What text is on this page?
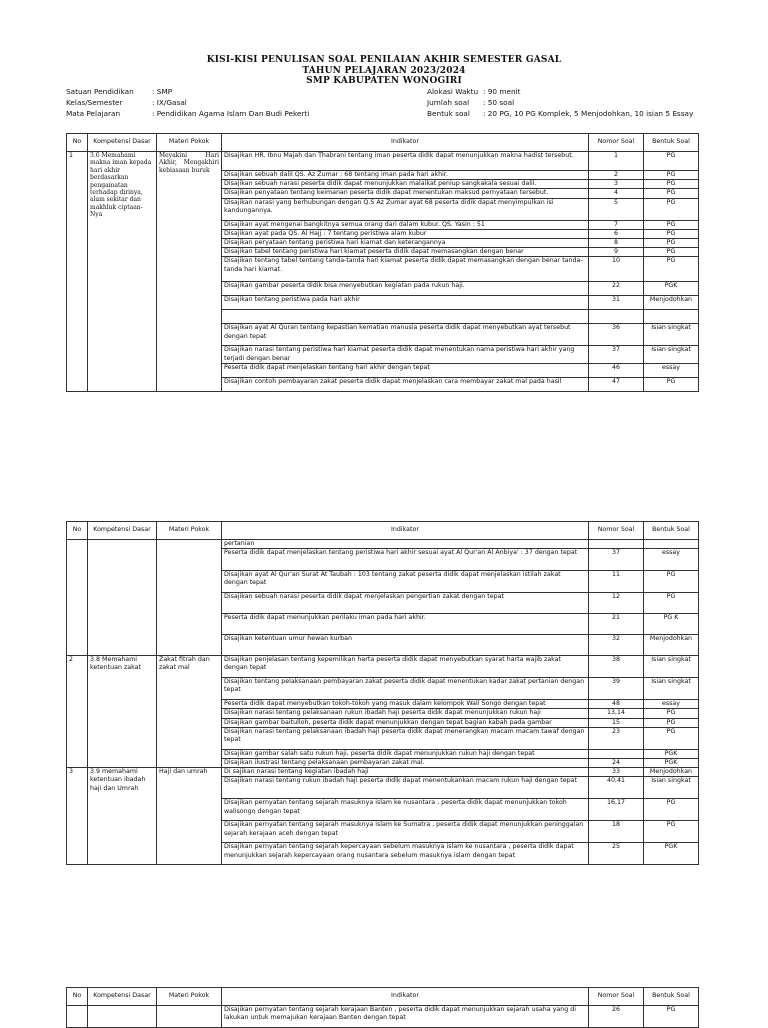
KISI-KISI PENULISAN SOAL PENILAIAN AKHIR SEMESTER GASAL
TAHUN PELAJARAN 2023/2024
SMP KABUPATEN WONOGIRI
Satuan Pendidikan : SMP
Kelas/Semester	: IX/Gasal
Mata Pelajaran	: Pendidikan Agama Islam Dan Budi Pekerti
Alokasi Waktu : 90 menit
Jumlah soal : 50 soal
Bentuk soal : 20 PG, 10 PG Komplek, 5 Menjodohkan, 10 isian 5 Essay
No	Kompetensi Dasar	Materi Pokok	Indikator	Nomor Soal	Bentuk Soal
1	3.6 Memahami makna iman kepada hari akhir berdasarkan pengamatan terhadap dirinya, alam sekitar dan makhluk ciptaan-Nya	Meyakini Hari Akhir, Mengakhiri kebiasaan buruk	Disajikan HR. Ibnu Majah dan Thabrani tentang iman peserta didik dapat menunjukkan makna hadist tersebut.	1	PG
			Disajikan sebuah dalil QS. Az Zumar : 68 tentang iman pada hari akhir.	2	PG
			Disajikan sebuah narasi peserta didik dapat menunjukkan malaikat peniup sangkakala sesuai dalil.	3	PG
			Disajikan penyataan tentang keimanan peserta didik dapat menentukan maksud pernyataan tersebut.	4	PG
			Disajikan narasi yang berhubungan dengan Q.S Az Zumar ayat 68 peserta didik dapat menyimpulkan isi kandungannya.	5	PG
			Disajikan ayat mengenai bangkitnya semua orang dari dalam kubur. QS. Yasin : 51	7	PG
			Disajikan ayat pada QS. Al Hajj : 7 tentang peristiwa alam kubur	6	PG
			Disajikan peryataan tentang peristiwa hari kiamat dan keterangannya	8	PG
			Disajikan tabel tentang peristiwa hari kiamat peserta didik dapat memasangkan dengan benar	9	PG
			Disajikan tentang tabel tentang tanda-tanda hari kiamat peserta didik dapat memasangkan dengan benar tanda-tanda hari kiamat.	10	PG
			Disajikan gambar peserta didik bisa menyebutkan kegiatan pada rukun haji.	22	PGK
			Disajikan tentang peristiwa pada hari akhir	31	Menjodohkan

			Disajikan ayat Al Quran tentang kepastian kematian manusia peserta didik dapat menyebutkan ayat tersebut dengan tepat	36	Isian singkat
			Disajikan narasi tentang peristiwa hari kiamat peserta didik dapat menentukan nama peristiwa hari akhir yang terjadi dengan benar	37	Isian singkat
			Peserta didik dapat menjelaskan tentang hari akhir dengan tepat	46	essay
			Disajikan contoh pembayaran zakat peserta didik dapat menjelaskan cara membayar zakat mal pada hasil	47	PG
No	Kompetensi Dasar	Materi Pokok	Indikator	Nomor Soal	Bentuk Soal
			pertanian		
			Peserta didik dapat menjelaskan tentang peristiwa hari akhir sesuai ayat Al Qur'an Al Anbiya' : 37 dengan tepat	37	essay
			Disajikan ayat Al Qur'an Surat At Taubah : 103 tentang zakat peserta didik dapat menjelaskan istilah zakat dengan tepat	11	PG
			Disajikan sebuah narasi peserta didik dapat menjelaskan pengertian zakat dengan tepat	12	PG
			Peserta didik dapat menunjukkan perilaku iman pada hari akhir.	21	PG K
			Disajikan ketentuan umur hewan kurban	32	Menjodohkan
2	3.8 Memahami ketentuan zakat	Zakat fitrah dan zakat mal	Disajikan penjelasan tentang kepemilikan harta peserta didik dapat menyebutkan syarat harta wajib zakat dengan tepat	38	Isian singkat
			Disajikan tentang pelaksanaan pembayaran zakat peserta didik dapat menentukan kadar zakat pertanian dengan tepat	39	Isian singkat
			Peserta didik dapat menyebutkan tokoh-tokoh yang masuk dalam kelompok Wali Songo dengan tepat	48	essay
			Disajikan narasi tentang pelaksanaan rukun ibadah haji peserta didik dapat menunjukkan rukun haji	13,14	PG
			Disajikan gambar baitulloh, peserta didik dapat menunjukkan dengan tepat bagian kabah pada gambar	15	PG
			Disajikan narasi tentang pelaksanaan ibadah haji peserta didik dapat menerangkan macam macam tawaf dengan tepat	23	PG
			Disajikan gambar salah satu rukun haji, peserta didik dapat menunjukkan rukun haji dengan tepat		PGK
			Disajikan ilustrasi tentang pelaksanaan pembayaran zakat mal.	24	PGK
3	3.9 memahami ketentuan ibadah haji dan Umrah	Haji dan umrah	Di sajikan narasi tentang kegiatan ibadah haji	33	Menjodohkan
			Disajikan narasi tentang rukun ibadah haji peserta didik dapat menentukankan macam rukun haji dengan tepat	40,41	Isian singkat
			Disajikan pernyatan tentang sejarah masuknya islam ke nusantara , peserta didik dapat menunjukkan tokoh walisongo dengan tepat	16,17	PG
			Disajikan pernyatan tentang sejarah masuknya islam ke Sumatra , peserta didik dapat menunjukkan peninggalan sejarah kerajaan aceh dengan tepat	18	PG
			Disajikan pernyatan tentang sejarah kepercayaan sebelum masuknya islam ke nusantara , peserta didik dapat menunjukkan sejarah kepercayaan orang nusantara sebelum masuknya islam dengan tepat	25	PGK
No	Kompetensi Dasar	Materi Pokok	Indikator	Nomor Soal	Bentuk Soal
			Disajikan pernyatan tentang sejarah kerajaan Banten , peserta didik dapat menunjukkan sejarah usaha yang di lakukan untuk memajukan kerajaan Banten dengan tepat	26	PG
